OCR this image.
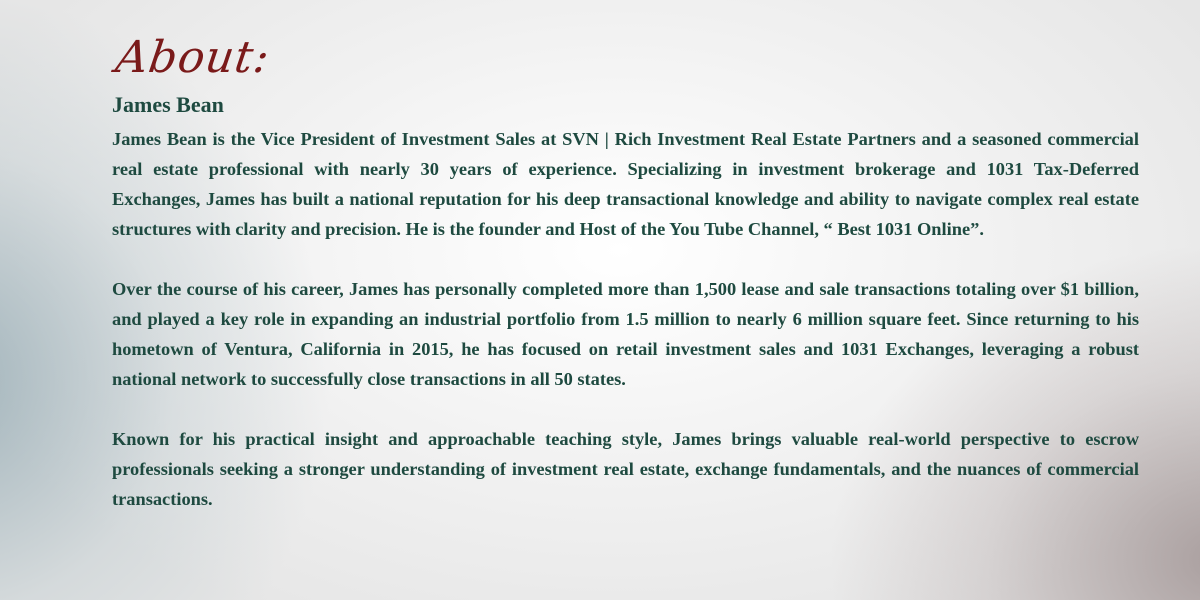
About:
James Bean

James Bean is the Vice President of Investment Sales at SVN | Rich Investment Real Estate Partners and a seasoned commercial real estate professional with nearly 30 years of experience. Specializing in investment brokerage and 1031 Tax-Deferred Exchanges, James has built a national reputation for his deep transactional knowledge and ability to navigate complex real estate structures with clarity and precision. He is the founder and Host of the You Tube Channel, “ Best 1031 Online”.

Over the course of his career, James has personally completed more than 1,500 lease and sale transactions totaling over $1 billion, and played a key role in expanding an industrial portfolio from 1.5 million to nearly 6 million square feet. Since returning to his hometown of Ventura, California in 2015, he has focused on retail investment sales and 1031 Exchanges, leveraging a robust national network to successfully close transactions in all 50 states.

Known for his practical insight and approachable teaching style, James brings valuable real-world perspective to escrow professionals seeking a stronger understanding of investment real estate, exchange fundamentals, and the nuances of commercial transactions.
